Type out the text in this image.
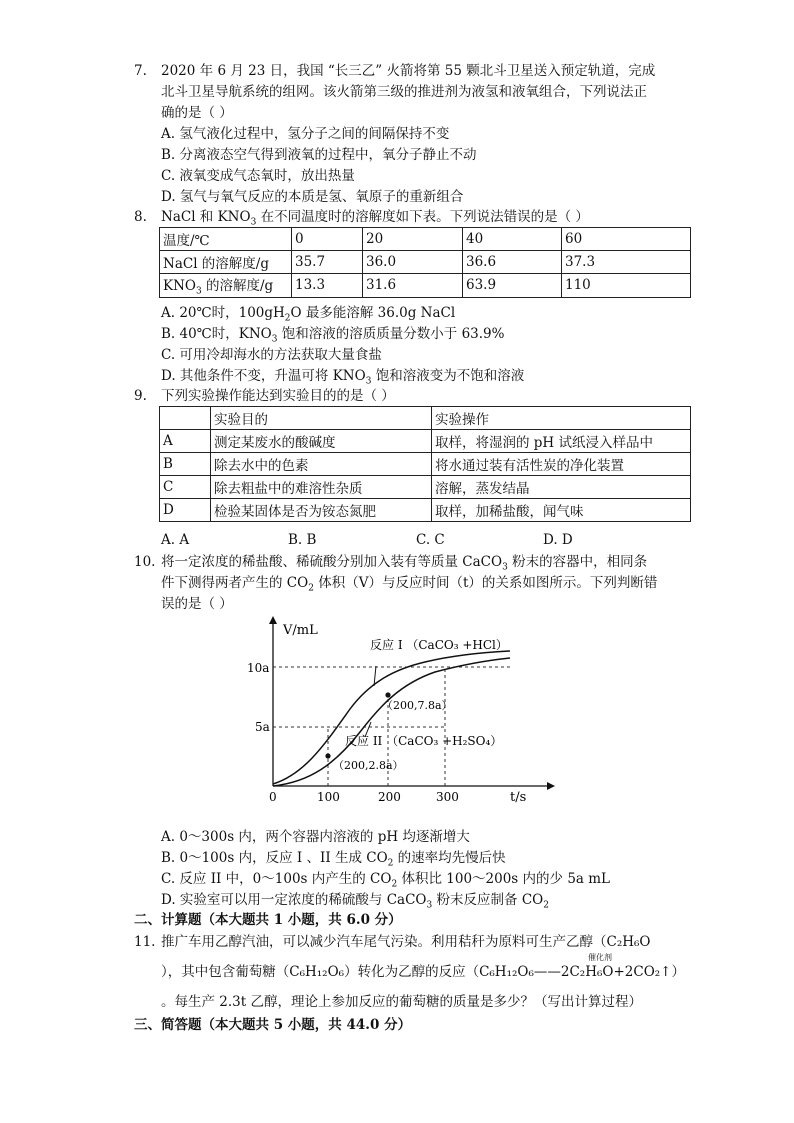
7. 2020 年 6 月 23 日，我国 “长三乙” 火箭将第 55 颗北斗卫星送入预定轨道，完成
北斗卫星导航系统的组网。该火箭第三级的推进剂为液氢和液氧组合，下列说法正
确的是（ ）
A. 氢气液化过程中，氢分子之间的间隔保持不变
B. 分离液态空气得到液氧的过程中，氧分子静止不动
C. 液氧变成气态氧时，放出热量
D. 氢气与氧气反应的本质是氢、氧原子的重新组合
8. NaCl 和 $KNO_3$ 在不同温度时的溶解度如下表。下列说法错误的是（ ）
温度/℃	0	20	40	60
NaCl 的溶解度/g	35.7	36.0	36.6	37.3
$KNO_3$ 的溶解度/g	13.3	31.6	63.9	110
A. 20℃时，$100gH_2O$ 最多能溶解 36.0g NaCl
B. 40℃时，$KNO_3$ 饱和溶液的溶质质量分数小于 63.9%
C. 可用冷却海水的方法获取大量食盐
D. 其他条件不变，升温可将 $KNO_3$ 饱和溶液变为不饱和溶液
9. 下列实验操作能达到实验目的的是（ ）
	实验目的	实验操作
A	测定某废水的酸碱度	取样，将湿润的 pH 试纸浸入样品中
B	除去水中的色素	将水通过装有活性炭的净化装置
C	除去粗盐中的难溶性杂质	溶解，蒸发结晶
D	检验某固体是否为铵态氮肥	取样，加稀盐酸，闻气味
A. A	B. B	C. C	D. D
10. 将一定浓度的稀盐酸、稀硫酸分别加入装有等质量 CaCO$_3$ 粉末的容器中，相同条
件下测得两者产生的 $CO_2$ 体积（V）与反应时间（t）的关系如图所示。下列判断错
误的是（ ）
V/mL
t/s
0	100	200	300
5a
10a
反应 I （CaCO₃ +HCl）
反应 II （CaCO₃ +H₂SO₄）
（200,7.8a）
（200,2.8a）
A. 0～300s 内，两个容器内溶液的 pH 均逐渐增大
B. 0～100s 内，反应 I 、II 生成 $CO_2$ 的速率均先慢后快
C. 反应 II 中，0～100s 内产生的 $CO_2$ 体积比 100～200s 内的少 5a mL
D. 实验室可以用一定浓度的稀硫酸与 CaCO$_3$ 粉末反应制备 $CO_2$
二、计算题（本大题共 1 小题，共 6.0 分）
11. 推广车用乙醇汽油，可以减少汽车尾气污染。利用秸秆为原料可生产乙醇（C₂H₆O
催化剂
），其中包含葡萄糖（C₆H₁₂O₆）转化为乙醇的反应（C₆H₁₂O₆——2C₂H₆O+2CO₂↑）
。每生产 2.3t 乙醇，理论上参加反应的葡萄糖的质量是多少？（写出计算过程）
三、简答题（本大题共 5 小题，共 44.0 分）
